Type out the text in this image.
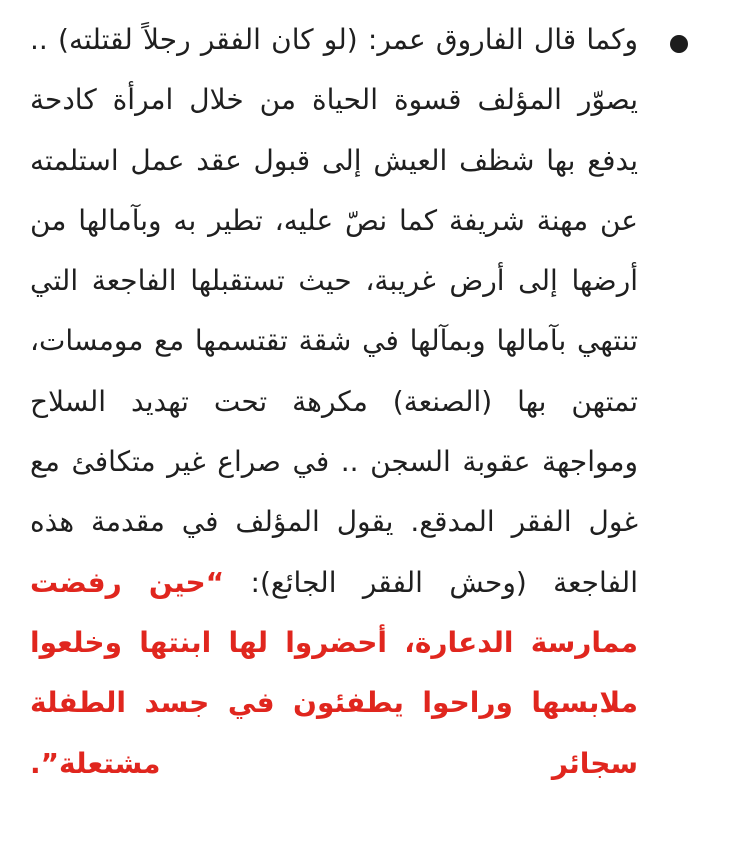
وكما قال الفاروق عمر: (لو كان الفقر رجلاً لقتلته) .. يصوّر المؤلف قسوة الحياة من خلال امرأة كادحة يدفع بها شظف العيش إلى قبول عقد عمل استلمته عن مهنة شريفة كما نصّ عليه، تطير به وبآمالها من أرضها إلى أرض غريبة، حيث تستقبلها الفاجعة التي تنتهي بآمالها وبمآلها في شقة تقتسمها مع مومسات، تمتهن بها (الصنعة) مكرهة تحت تهديد السلاح ومواجهة عقوبة السجن .. في صراع غير متكافئ مع غول الفقر المدقع. يقول المؤلف في مقدمة هذه الفاجعة (وحش الفقر الجائع): “حين رفضت ممارسة الدعارة، أحضروا لها ابنتها وخلعوا ملابسها وراحوا يطفئون في جسد الطفلة سجائر مشتعلة”.
